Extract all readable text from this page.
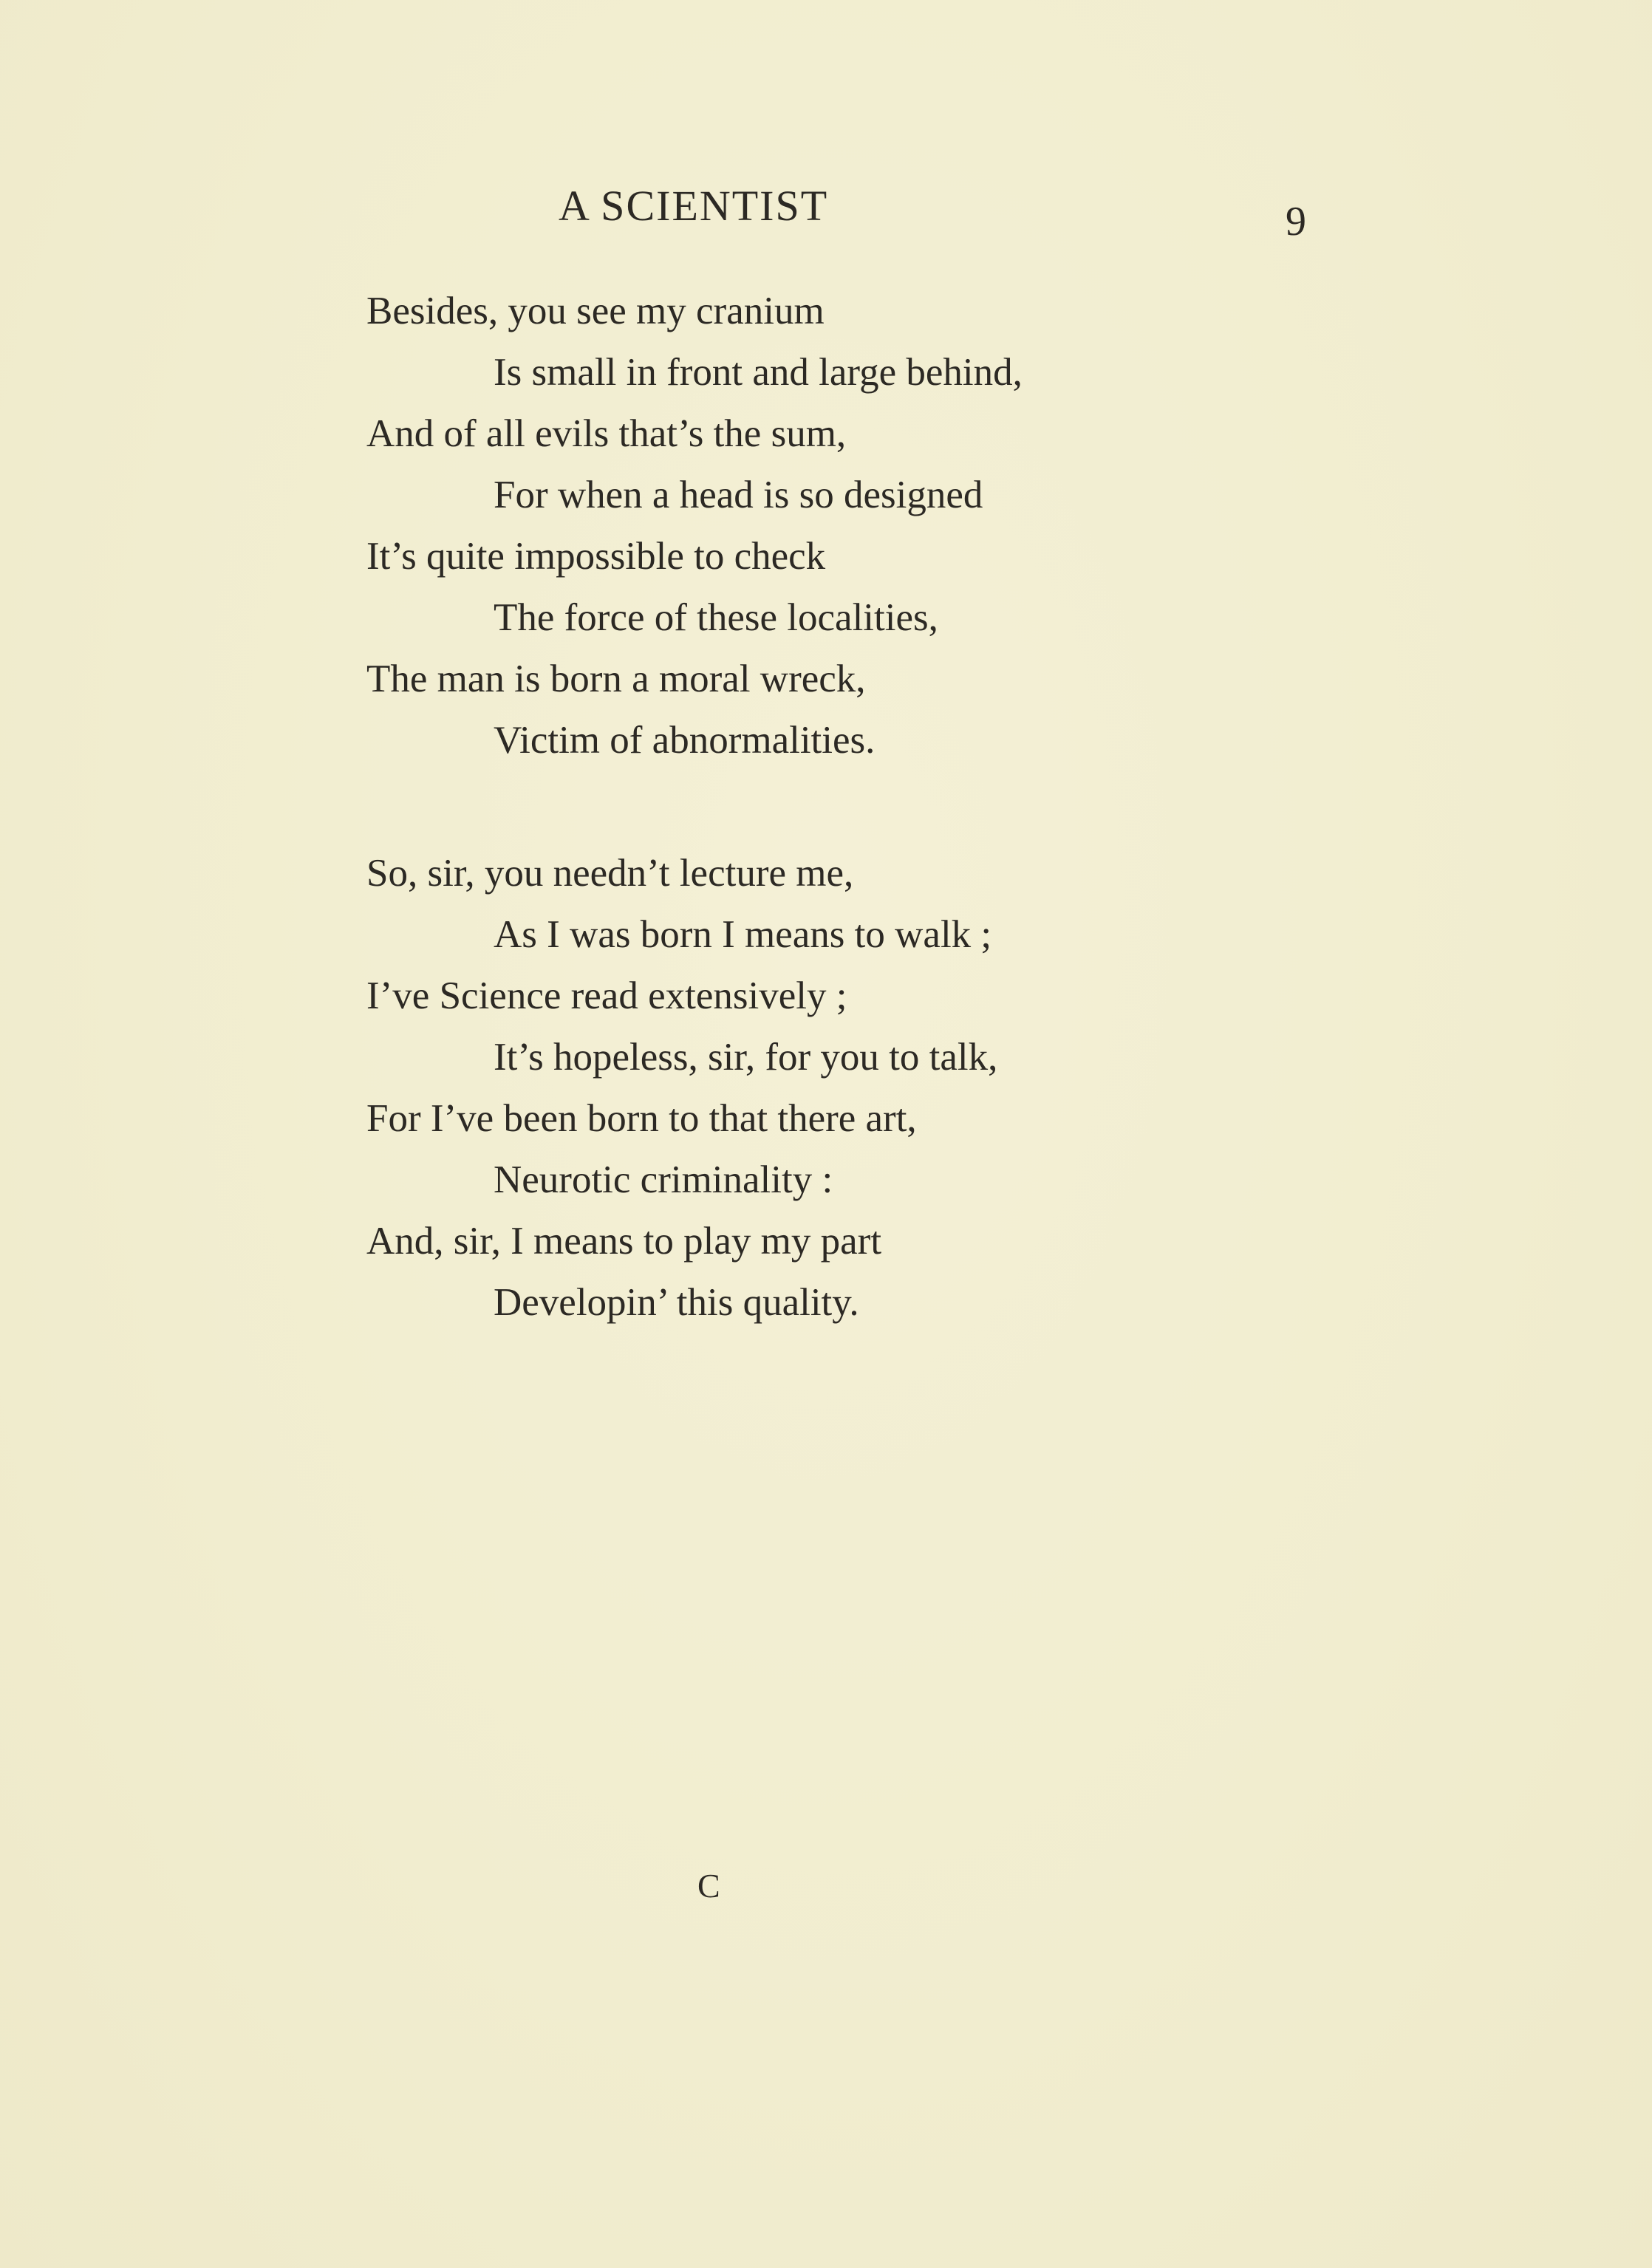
A SCIENTIST	9
Besides, you see my cranium
Is small in front and large behind,
And of all evils that’s the sum,
For when a head is so designed
It’s quite impossible to check
The force of these localities,
The man is born a moral wreck,
Victim of abnormalities.
So, sir, you needn’t lecture me,
As I was born I means to walk ;
I’ve Science read extensively ;
It’s hopeless, sir, for you to talk,
For I’ve been born to that there art,
Neurotic criminality :
And, sir, I means to play my part
Developin’ this quality.
C
